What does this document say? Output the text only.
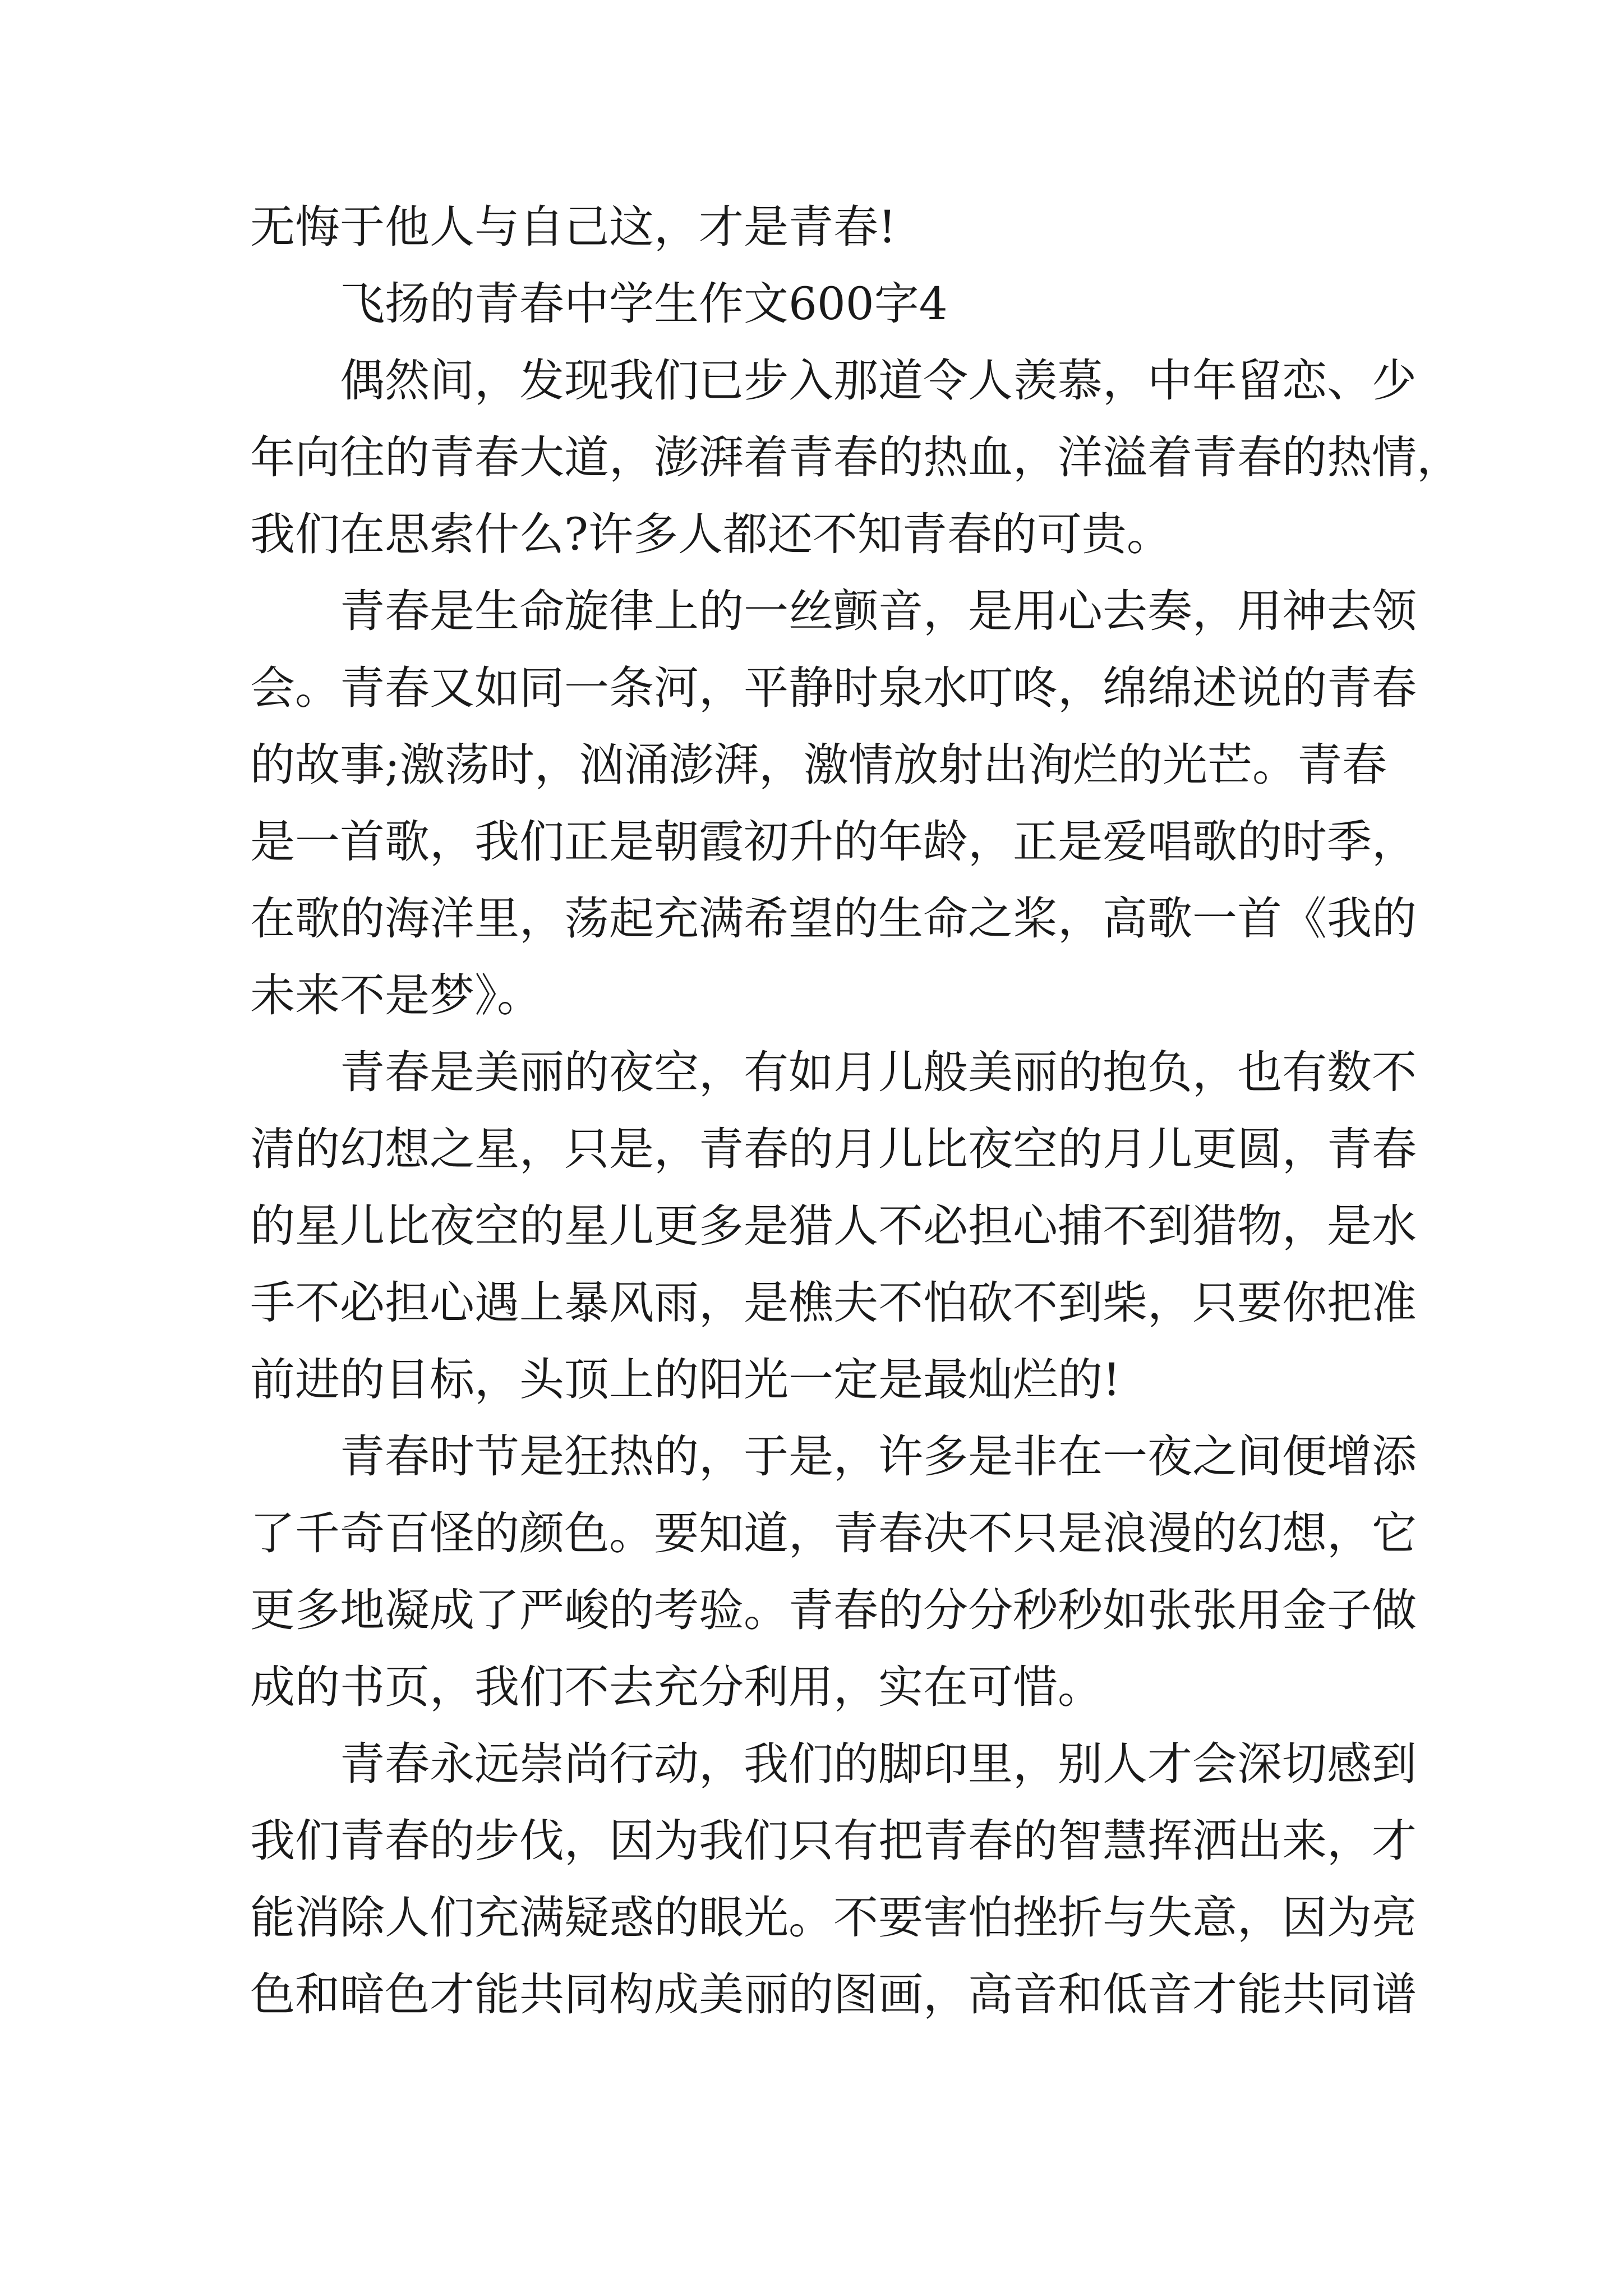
无悔于他人与自己这，才是青春!
飞扬的青春中学生作文600字4
偶然间，发现我们已步入那道令人羡慕，中年留恋、少
年向往的青春大道，澎湃着青春的热血，洋溢着青春的热情，
我们在思索什么?许多人都还不知青春的可贵。
青春是生命旋律上的一丝颤音，是用心去奏，用神去领
会。青春又如同一条河，平静时泉水叮咚，绵绵述说的青春
的故事;激荡时，汹涌澎湃，激情放射出洵烂的光芒。青春
是一首歌，我们正是朝霞初升的年龄，正是爱唱歌的时季，
在歌的海洋里，荡起充满希望的生命之桨，高歌一首《我的
未来不是梦》。
青春是美丽的夜空，有如月儿般美丽的抱负，也有数不
清的幻想之星，只是，青春的月儿比夜空的月儿更圆，青春
的星儿比夜空的星儿更多是猎人不必担心捕不到猎物，是水
手不必担心遇上暴风雨，是樵夫不怕砍不到柴，只要你把准
前进的目标，头顶上的阳光一定是最灿烂的!
青春时节是狂热的，于是，许多是非在一夜之间便增添
了千奇百怪的颜色。要知道，青春决不只是浪漫的幻想，它
更多地凝成了严峻的考验。青春的分分秒秒如张张用金子做
成的书页，我们不去充分利用，实在可惜。
青春永远崇尚行动，我们的脚印里，别人才会深切感到
我们青春的步伐，因为我们只有把青春的智慧挥洒出来，才
能消除人们充满疑惑的眼光。不要害怕挫折与失意，因为亮
色和暗色才能共同构成美丽的图画，高音和低音才能共同谱
